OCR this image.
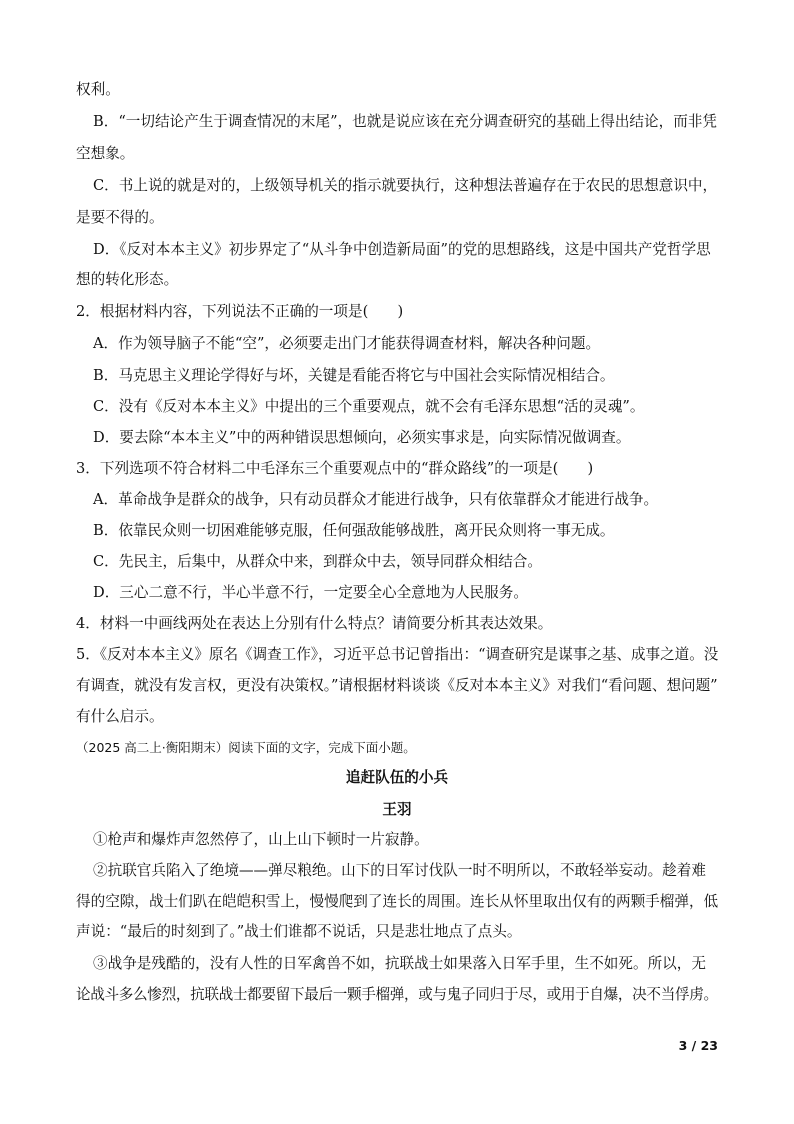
权利。
B．“一切结论产生于调查情况的末尾”，也就是说应该在充分调查研究的基础上得出结论，而非凭
空想象。
C．书上说的就是对的，上级领导机关的指示就要执行，这种想法普遍存在于农民的思想意识中，
是要不得的。
D．《反对本本主义》初步界定了“从斗争中创造新局面”的党的思想路线，这是中国共产党哲学思
想的转化形态。
2．根据材料内容，下列说法不正确的一项是(　　)
A．作为领导脑子不能“空”，必须要走出门才能获得调查材料，解决各种问题。
B．马克思主义理论学得好与坏，关键是看能否将它与中国社会实际情况相结合。
C．没有《反对本本主义》中提出的三个重要观点，就不会有毛泽东思想“活的灵魂”。
D．要去除“本本主义”中的两种错误思想倾向，必须实事求是，向实际情况做调查。
3．下列选项不符合材料二中毛泽东三个重要观点中的“群众路线”的一项是(　　)
A．革命战争是群众的战争，只有动员群众才能进行战争，只有依靠群众才能进行战争。
B．依靠民众则一切困难能够克服，任何强敌能够战胜，离开民众则将一事无成。
C．先民主，后集中，从群众中来，到群众中去，领导同群众相结合。
D．三心二意不行，半心半意不行，一定要全心全意地为人民服务。
4．材料一中画线两处在表达上分别有什么特点？请简要分析其表达效果。
5．《反对本本主义》原名《调查工作》，习近平总书记曾指出：“调查研究是谋事之基、成事之道。没
有调查，就没有发言权，更没有决策权。”请根据材料谈谈《反对本本主义》对我们“看问题、想问题”
有什么启示。
（2025 高二上·衡阳期末）阅读下面的文字，完成下面小题。
追赶队伍的小兵
王羽
①枪声和爆炸声忽然停了，山上山下顿时一片寂静。
②抗联官兵陷入了绝境——弹尽粮绝。山下的日军讨伐队一时不明所以，不敢轻举妄动。趁着难
得的空隙，战士们趴在皑皑积雪上，慢慢爬到了连长的周围。连长从怀里取出仅有的两颗手榴弹，低
声说：“最后的时刻到了。”战士们谁都不说话，只是悲壮地点了点头。
③战争是残酷的，没有人性的日军禽兽不如，抗联战士如果落入日军手里，生不如死。所以，无
论战斗多么惨烈，抗联战士都要留下最后一颗手榴弹，或与鬼子同归于尽，或用于自爆，决不当俘虏。
3 / 23
